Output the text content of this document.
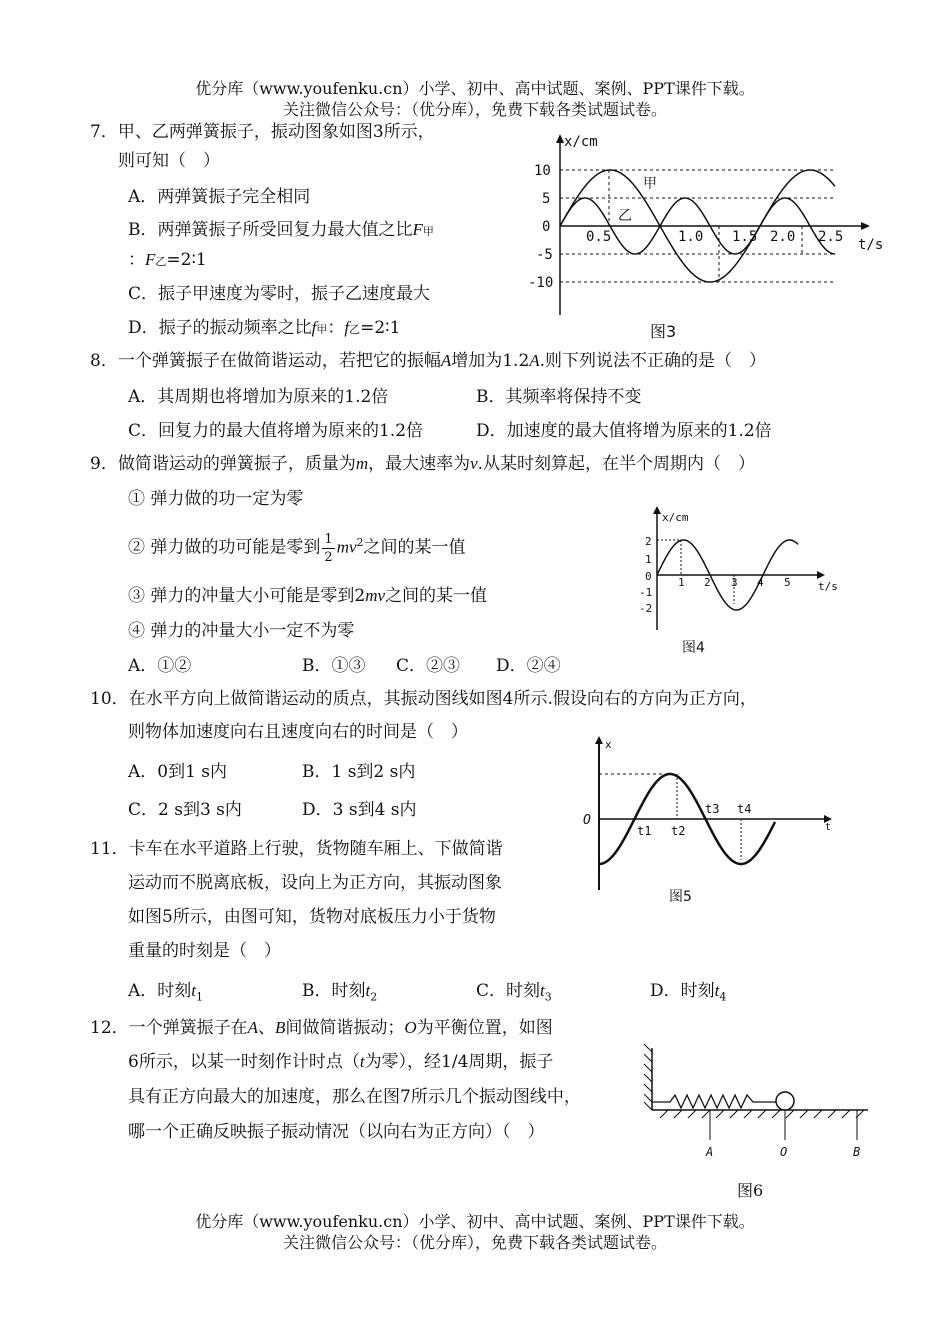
优分库（www.youfenku.cn）小学、初中、高中试题、案例、PPT课件下载。
关注微信公众号：（优分库），免费下载各类试题试卷。
7．甲、乙两弹簧振子，振动图象如图3所示，
则可知（　）
A．两弹簧振子完全相同
B．两弹簧振子所受回复力最大值之比F甲
：F乙=2∶1
C．振子甲速度为零时，振子乙速度最大
D．振子的振动频率之比f甲：f乙=2∶1
x/cm
t/s
10
5
0
-5
-10
0.5	1.0 1.5 2.0 2.5
甲
乙
图3
8．一个弹簧振子在做简谐运动，若把它的振幅A增加为1.2A.则下列说法不正确的是（　）
A．其周期也将增加为原来的1.2倍	B．其频率将保持不变
C．回复力的最大值将增为原来的1.2倍	D．加速度的最大值将增为原来的1.2倍
9．做简谐运动的弹簧振子，质量为m，最大速率为v.从某时刻算起，在半个周期内（　）
① 弹力做的功一定为零
② 弹力做的功可能是零到 $\frac{1}{2} mv^2$之间的某一值
③ 弹力的冲量大小可能是零到2mv之间的某一值
④ 弹力的冲量大小一定不为零
A．①②	B．①③ C．②③ D．②④
x/cm
t/s
2
1
0
-1
-2
1 2 3 4 5
图4
10．在水平方向上做简谐运动的质点，其振动图线如图4所示.假设向右的方向为正方向，
则物体加速度向右且速度向右的时间是（　）
A．0到1 s内	B．1 s到2 s内
C．2 s到3 s内	D．3 s到4 s内
x
t
O
t1 t2
t3 t4
图5
11．卡车在水平道路上行驶，货物随车厢上、下做简谐
运动而不脱离底板，设向上为正方向，其振动图象
如图5所示，由图可知，货物对底板压力小于货物
重量的时刻是（　）
A．时刻$t_1$	B．时刻$t_2$	C．时刻$t_3$	D．时刻$t_4$
12．一个弹簧振子在A、B间做简谐振动；O为平衡位置，如图
6所示，以某一时刻作计时点（t为零），经1/4周期，振子
具有正方向最大的加速度，那么在图7所示几个振动图线中，
哪一个正确反映振子振动情况（以向右为正方向）（　）
A	O	B
图6
优分库（www.youfenku.cn）小学、初中、高中试题、案例、PPT课件下载。
关注微信公众号：（优分库），免费下载各类试题试卷。
